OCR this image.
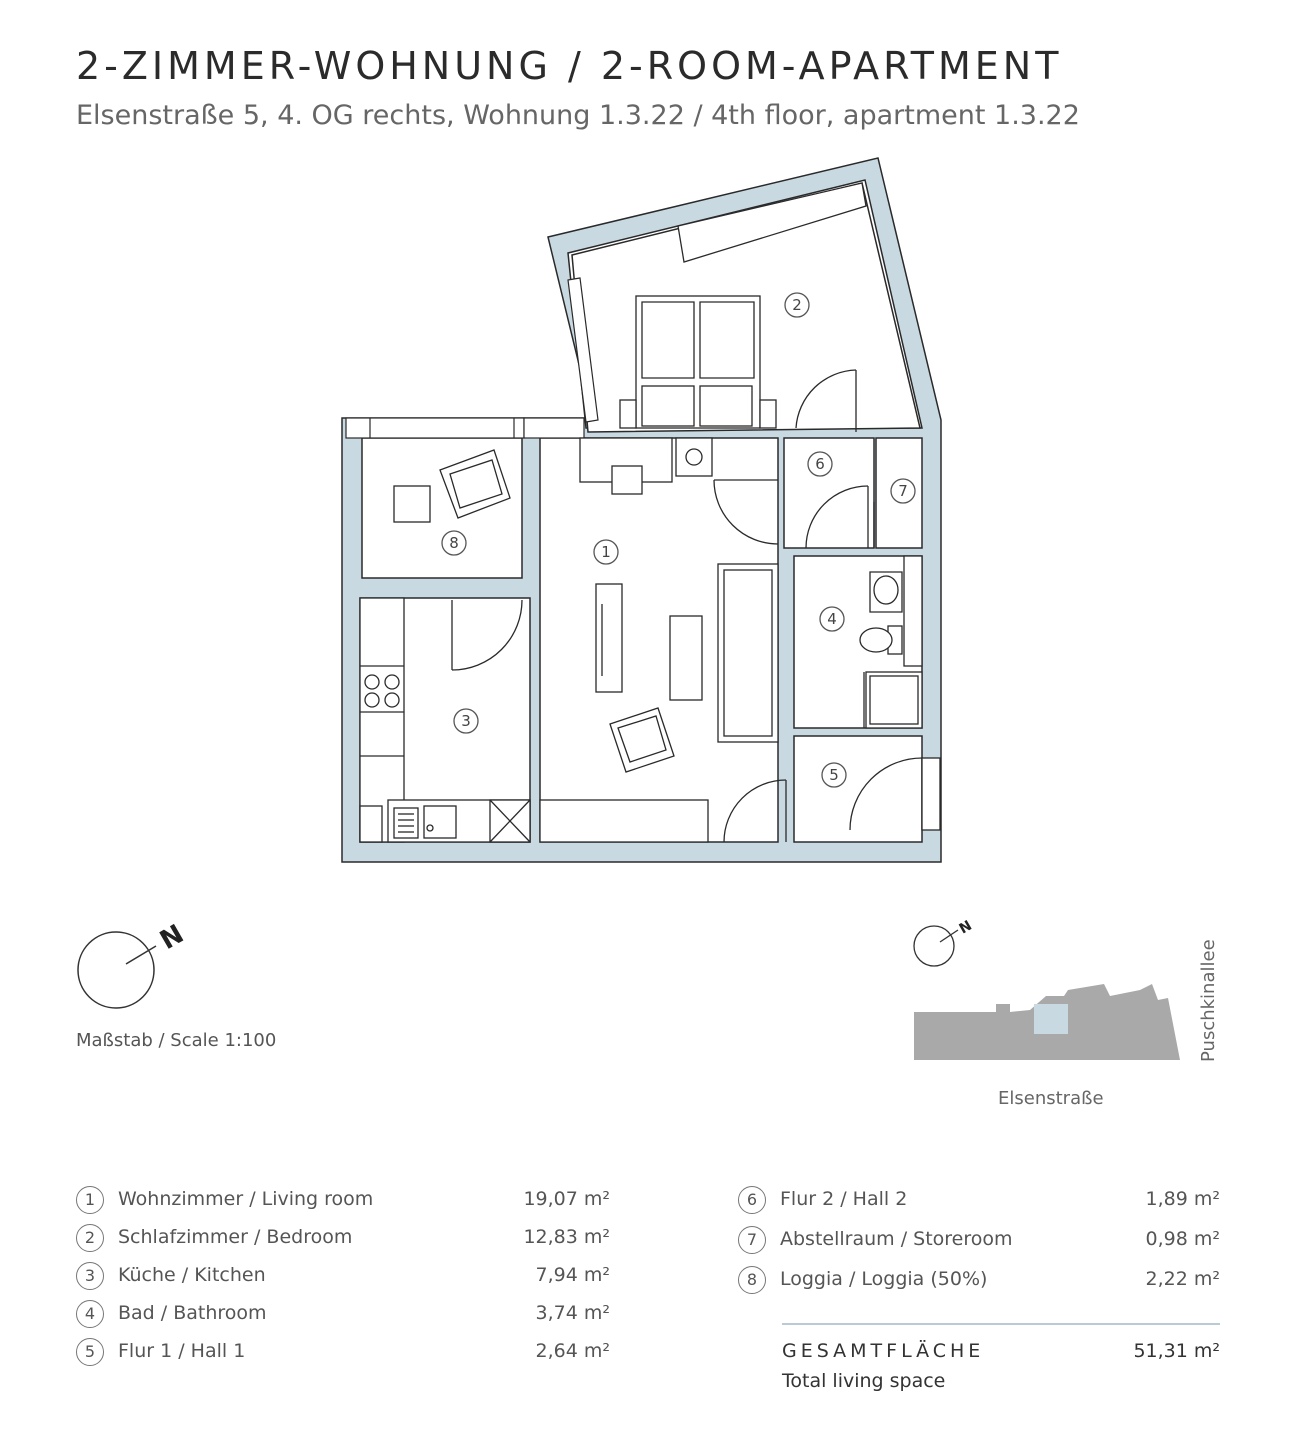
2-ZIMMER-WOHNUNG / 2-ROOM-APARTMENT
Elsenstraße 5, 4. OG rechts, Wohnung 1.3.22 / 4th floor, apartment 1.3.22
1
2
3
4
5
6
7
8
N	N
Maßstab / Scale 1:100
Elsenstraße
Puschkinallee
1	Wohnzimmer / Living room	19,07 m²
2	Schlafzimmer / Bedroom	12,83 m²
3	Küche / Kitchen	7,94 m²
4	Bad / Bathroom	3,74 m²
5	Flur 1 / Hall 1	2,64 m²
6	Flur 2 / Hall 2	1,89 m²
7	Abstellraum / Storeroom	0,98 m²
8	Loggia / Loggia (50%)	2,22 m²
GESAMTFLÄCHE
Total living space
51,31 m²
